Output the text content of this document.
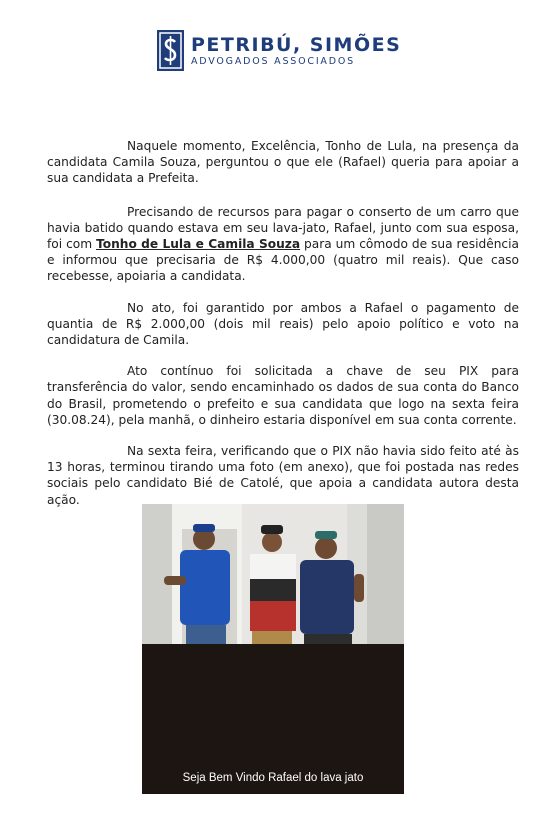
PETRIBÚ, SIMÕES
ADVOGADOS ASSOCIADOS

Naquele momento, Excelência, Tonho de Lula, na presença da candidata Camila Souza, perguntou o que ele (Rafael) queria para apoiar a sua candidata a Prefeita.

Precisando de recursos para pagar o conserto de um carro que havia batido quando estava em seu lava-jato, Rafael, junto com sua esposa, foi com Tonho de Lula e Camila Souza para um cômodo de sua residência e informou que precisaria de R$ 4.000,00 (quatro mil reais). Que caso recebesse, apoiaria a candidata.

No ato, foi garantido por ambos a Rafael o pagamento de quantia de R$ 2.000,00 (dois mil reais) pelo apoio político e voto na candidatura de Camila.

Ato contínuo foi solicitada a chave de seu PIX para transferência do valor, sendo encaminhado os dados de sua conta do Banco do Brasil, prometendo o prefeito e sua candidata que logo na sexta feira (30.08.24), pela manhã, o dinheiro estaria disponível em sua conta corrente.

Na sexta feira, verificando que o PIX não havia sido feito até às 13 horas, terminou tirando uma foto (em anexo), que foi postada nas redes sociais pelo candidato Bié de Catolé, que apoia a candidata autora desta ação.

Seja Bem Vindo Rafael do lava jato
